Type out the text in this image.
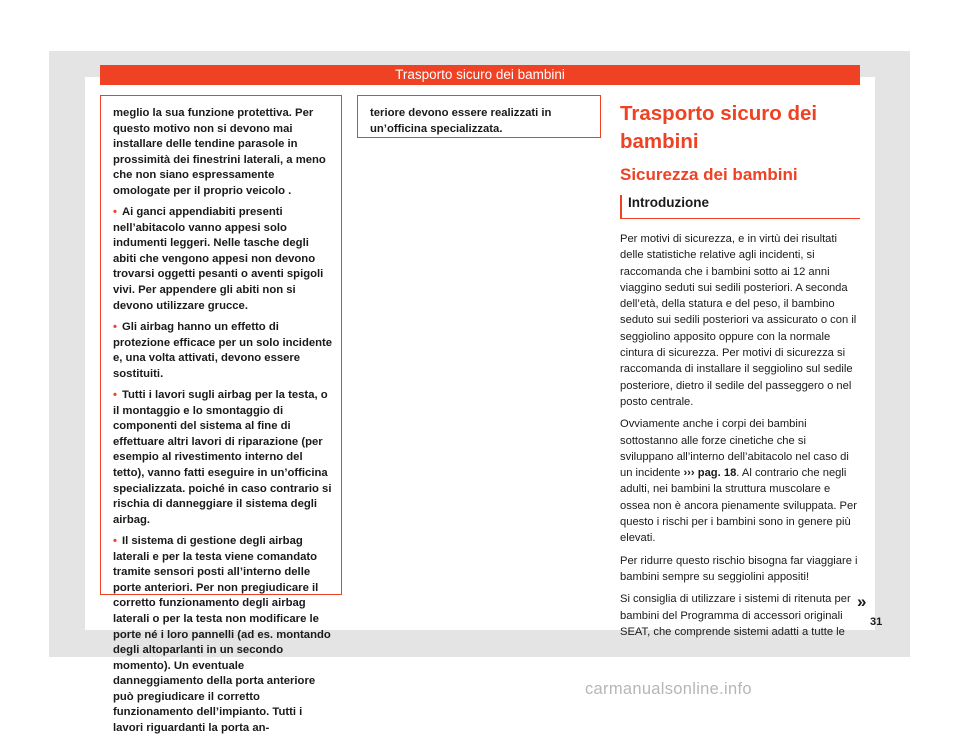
Trasporto sicuro dei bambini

meglio la sua funzione protettiva. Per questo motivo non si devono mai installare delle tendine parasole in prossimità dei finestrini laterali, a meno che non siano espressamente omologate per il proprio veicolo .

• Ai ganci appendiabiti presenti nell’abitacolo vanno appesi solo indumenti leggeri. Nelle tasche degli abiti che vengono appesi non devono trovarsi oggetti pesanti o aventi spigoli vivi. Per appendere gli abiti non si devono utilizzare grucce.

• Gli airbag hanno un effetto di protezione efficace per un solo incidente e, una volta attivati, devono essere sostituiti.

• Tutti i lavori sugli airbag per la testa, o il montaggio e lo smontaggio di componenti del sistema al fine di effettuare altri lavori di riparazione (per esempio al rivestimento interno del tetto), vanno fatti eseguire in un’officina specializzata. poiché in caso contrario si rischia di danneggiare il sistema degli airbag.

• Il sistema di gestione degli airbag laterali e per la testa viene comandato tramite sensori posti all’interno delle porte anteriori. Per non pregiudicare il corretto funzionamento degli airbag laterali o per la testa non modificare le porte né i loro pannelli (ad es. montando degli altoparlanti in un secondo momento). Un eventuale danneggiamento della porta anteriore può pregiudicare il corretto funzionamento dell’impianto. Tutti i lavori riguardanti la porta an-

teriore devono essere realizzati in un’officina specializzata.

Trasporto sicuro dei bambini
Sicurezza dei bambini
Introduzione

Per motivi di sicurezza, e in virtù dei risultati delle statistiche relative agli incidenti, si raccomanda che i bambini sotto ai 12 anni viaggino seduti sui sedili posteriori. A seconda dell’età, della statura e del peso, il bambino seduto sui sedili posteriori va assicurato o con il seggiolino apposito oppure con la normale cintura di sicurezza. Per motivi di sicurezza si raccomanda di installare il seggiolino sul sedile posteriore, dietro il sedile del passeggero o nel posto centrale.

Ovviamente anche i corpi dei bambini sottostanno alle forze cinetiche che si sviluppano all’interno dell’abitacolo nel caso di un incidente ››› pag. 18. Al contrario che negli adulti, nei bambini la struttura muscolare e ossea non è ancora pienamente sviluppata. Per questo i rischi per i bambini sono in genere più elevati.

Per ridurre questo rischio bisogna far viaggiare i bambini sempre su seggiolini appositi!

Si consiglia di utilizzare i sistemi di ritenuta per bambini del Programma di accessori originali SEAT, che comprende sistemi adatti a tutte le

»
31
carmanualsonline.info
